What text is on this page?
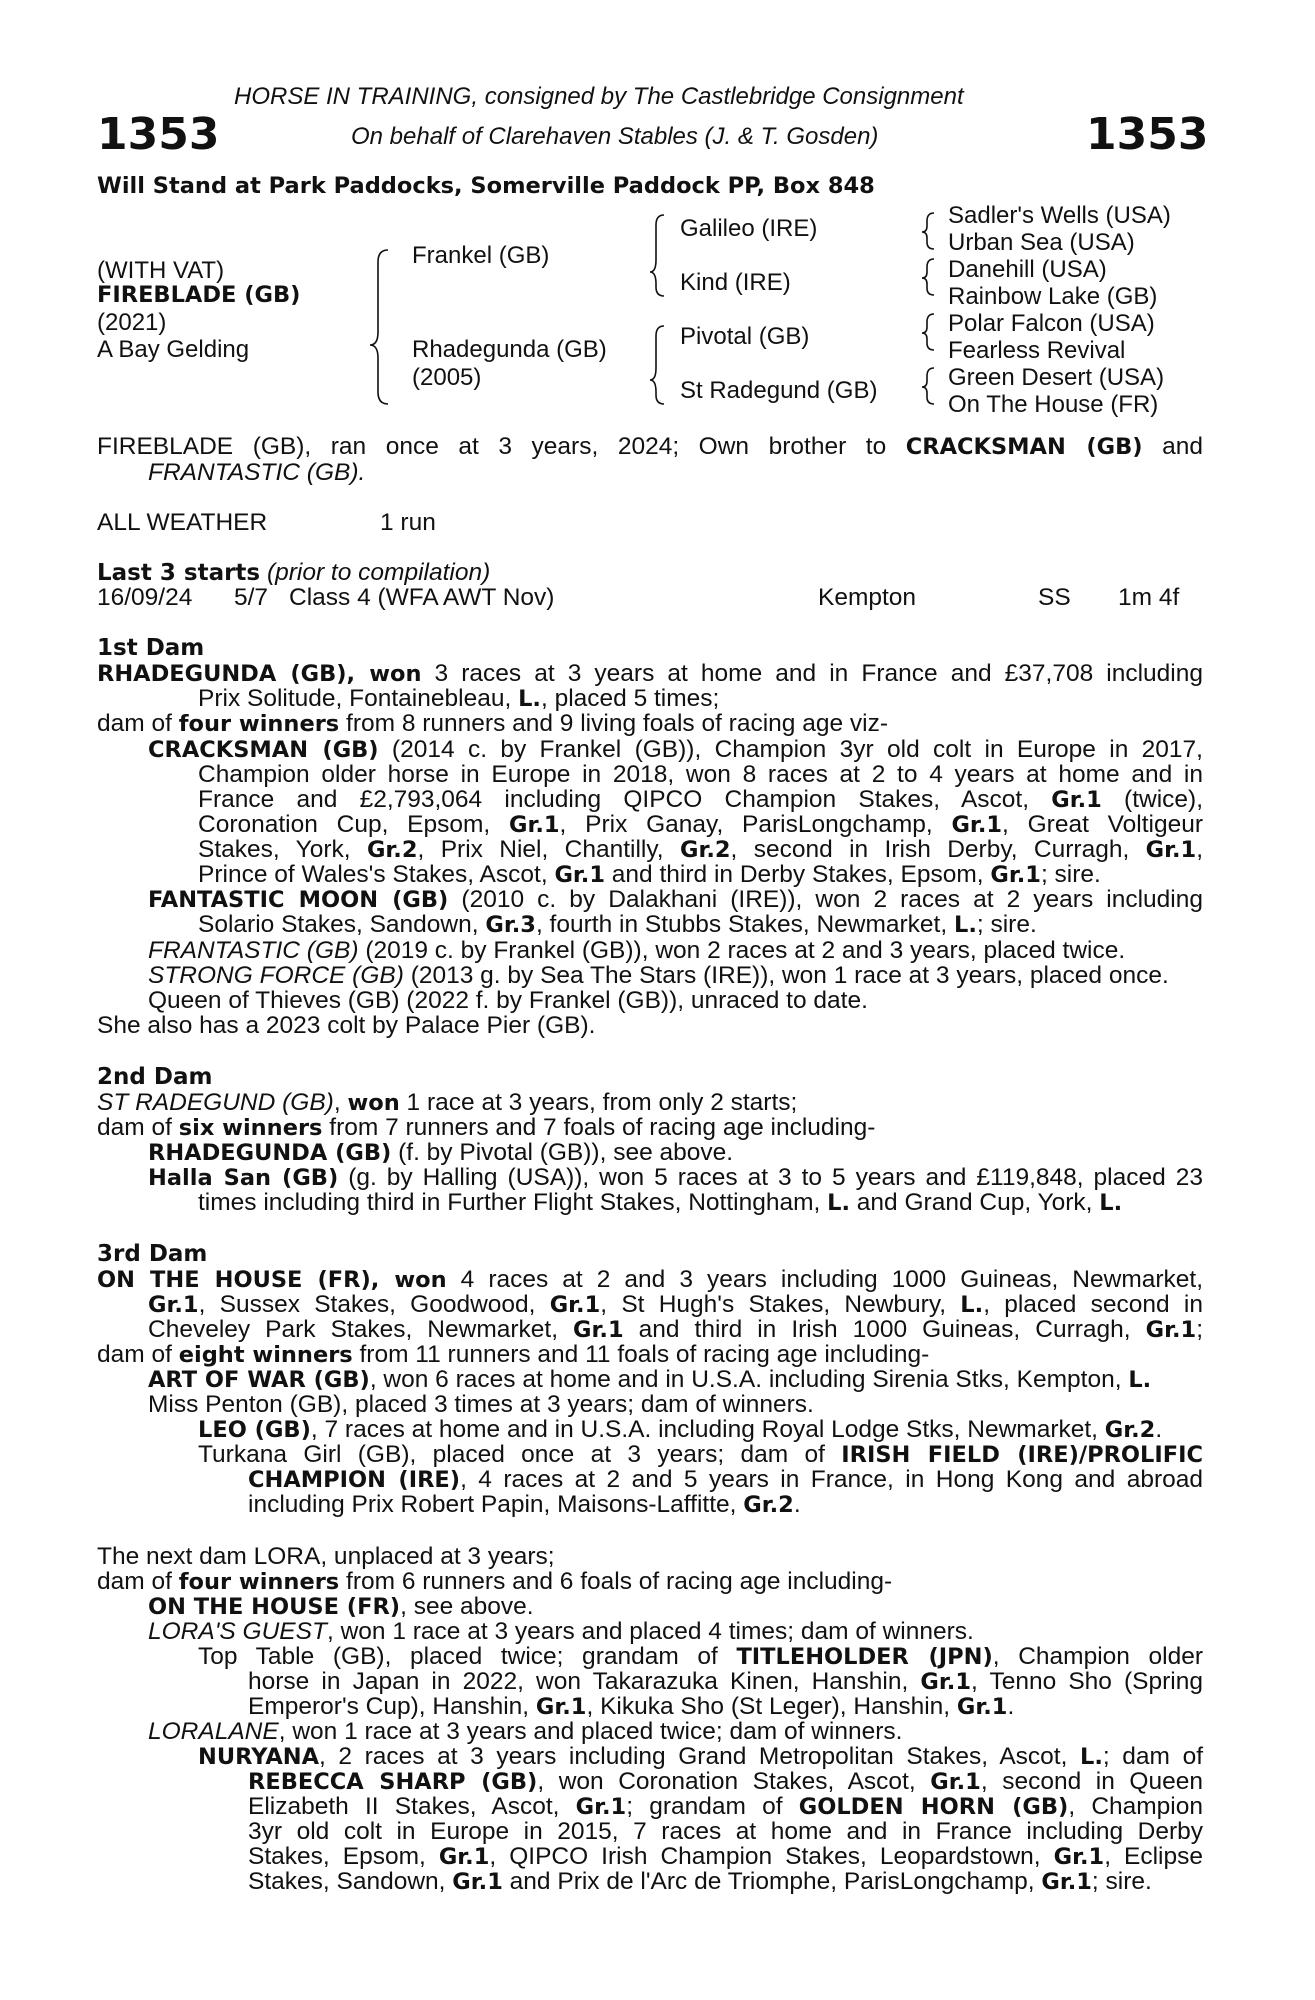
HORSE IN TRAINING, consigned by The Castlebridge Consignment
On behalf of Clarehaven Stables (J. & T. Gosden)
1353	1353
Will Stand at Park Paddocks, Somerville Paddock PP, Box 848
(WITH VAT)
FIREBLADE (GB)
(2021)
A Bay Gelding
Frankel (GB)
Rhadegunda (GB)
(2005)
Galileo (IRE)
Kind (IRE)
Pivotal (GB)
St Radegund (GB)
Sadler's Wells (USA)
Urban Sea (USA)
Danehill (USA)
Rainbow Lake (GB)
Polar Falcon (USA)
Fearless Revival
Green Desert (USA)
On The House (FR)
FIREBLADE (GB), ran once at 3 years, 2024; Own brother to CRACKSMAN (GB) and
FRANTASTIC (GB).
ALL WEATHER	1 run
Last 3 starts (prior to compilation)
16/09/24 5/7 Class 4 (WFA AWT Nov)	Kempton	SS 1m 4f
1st Dam
RHADEGUNDA (GB), won 3 races at 3 years at home and in France and £37,708 including
Prix Solitude, Fontainebleau, L., placed 5 times;
dam of four winners from 8 runners and 9 living foals of racing age viz-
CRACKSMAN (GB) (2014 c. by Frankel (GB)), Champion 3yr old colt in Europe in 2017,
Champion older horse in Europe in 2018, won 8 races at 2 to 4 years at home and in
France and £2,793,064 including QIPCO Champion Stakes, Ascot, Gr.1 (twice),
Coronation Cup, Epsom, Gr.1, Prix Ganay, ParisLongchamp, Gr.1, Great Voltigeur
Stakes, York, Gr.2, Prix Niel, Chantilly, Gr.2, second in Irish Derby, Curragh, Gr.1,
Prince of Wales's Stakes, Ascot, Gr.1 and third in Derby Stakes, Epsom, Gr.1; sire.
FANTASTIC MOON (GB) (2010 c. by Dalakhani (IRE)), won 2 races at 2 years including
Solario Stakes, Sandown, Gr.3, fourth in Stubbs Stakes, Newmarket, L.; sire.
FRANTASTIC (GB) (2019 c. by Frankel (GB)), won 2 races at 2 and 3 years, placed twice.
STRONG FORCE (GB) (2013 g. by Sea The Stars (IRE)), won 1 race at 3 years, placed once.
Queen of Thieves (GB) (2022 f. by Frankel (GB)), unraced to date.
She also has a 2023 colt by Palace Pier (GB).
2nd Dam
ST RADEGUND (GB), won 1 race at 3 years, from only 2 starts;
dam of six winners from 7 runners and 7 foals of racing age including-
RHADEGUNDA (GB) (f. by Pivotal (GB)), see above.
Halla San (GB) (g. by Halling (USA)), won 5 races at 3 to 5 years and £119,848, placed 23
times including third in Further Flight Stakes, Nottingham, L. and Grand Cup, York, L.
3rd Dam
ON THE HOUSE (FR), won 4 races at 2 and 3 years including 1000 Guineas, Newmarket,
Gr.1, Sussex Stakes, Goodwood, Gr.1, St Hugh's Stakes, Newbury, L., placed second in
Cheveley Park Stakes, Newmarket, Gr.1 and third in Irish 1000 Guineas, Curragh, Gr.1;
dam of eight winners from 11 runners and 11 foals of racing age including-
ART OF WAR (GB), won 6 races at home and in U.S.A. including Sirenia Stks, Kempton, L.
Miss Penton (GB), placed 3 times at 3 years; dam of winners.
LEO (GB), 7 races at home and in U.S.A. including Royal Lodge Stks, Newmarket, Gr.2.
Turkana Girl (GB), placed once at 3 years; dam of IRISH FIELD (IRE)/PROLIFIC
CHAMPION (IRE), 4 races at 2 and 5 years in France, in Hong Kong and abroad
including Prix Robert Papin, Maisons-Laffitte, Gr.2.
The next dam LORA, unplaced at 3 years;
dam of four winners from 6 runners and 6 foals of racing age including-
ON THE HOUSE (FR), see above.
LORA'S GUEST, won 1 race at 3 years and placed 4 times; dam of winners.
Top Table (GB), placed twice; grandam of TITLEHOLDER (JPN), Champion older
horse in Japan in 2022, won Takarazuka Kinen, Hanshin, Gr.1, Tenno Sho (Spring
Emperor's Cup), Hanshin, Gr.1, Kikuka Sho (St Leger), Hanshin, Gr.1.
LORALANE, won 1 race at 3 years and placed twice; dam of winners.
NURYANA, 2 races at 3 years including Grand Metropolitan Stakes, Ascot, L.; dam of
REBECCA SHARP (GB), won Coronation Stakes, Ascot, Gr.1, second in Queen
Elizabeth II Stakes, Ascot, Gr.1; grandam of GOLDEN HORN (GB), Champion
3yr old colt in Europe in 2015, 7 races at home and in France including Derby
Stakes, Epsom, Gr.1, QIPCO Irish Champion Stakes, Leopardstown, Gr.1, Eclipse
Stakes, Sandown, Gr.1 and Prix de l'Arc de Triomphe, ParisLongchamp, Gr.1; sire.
